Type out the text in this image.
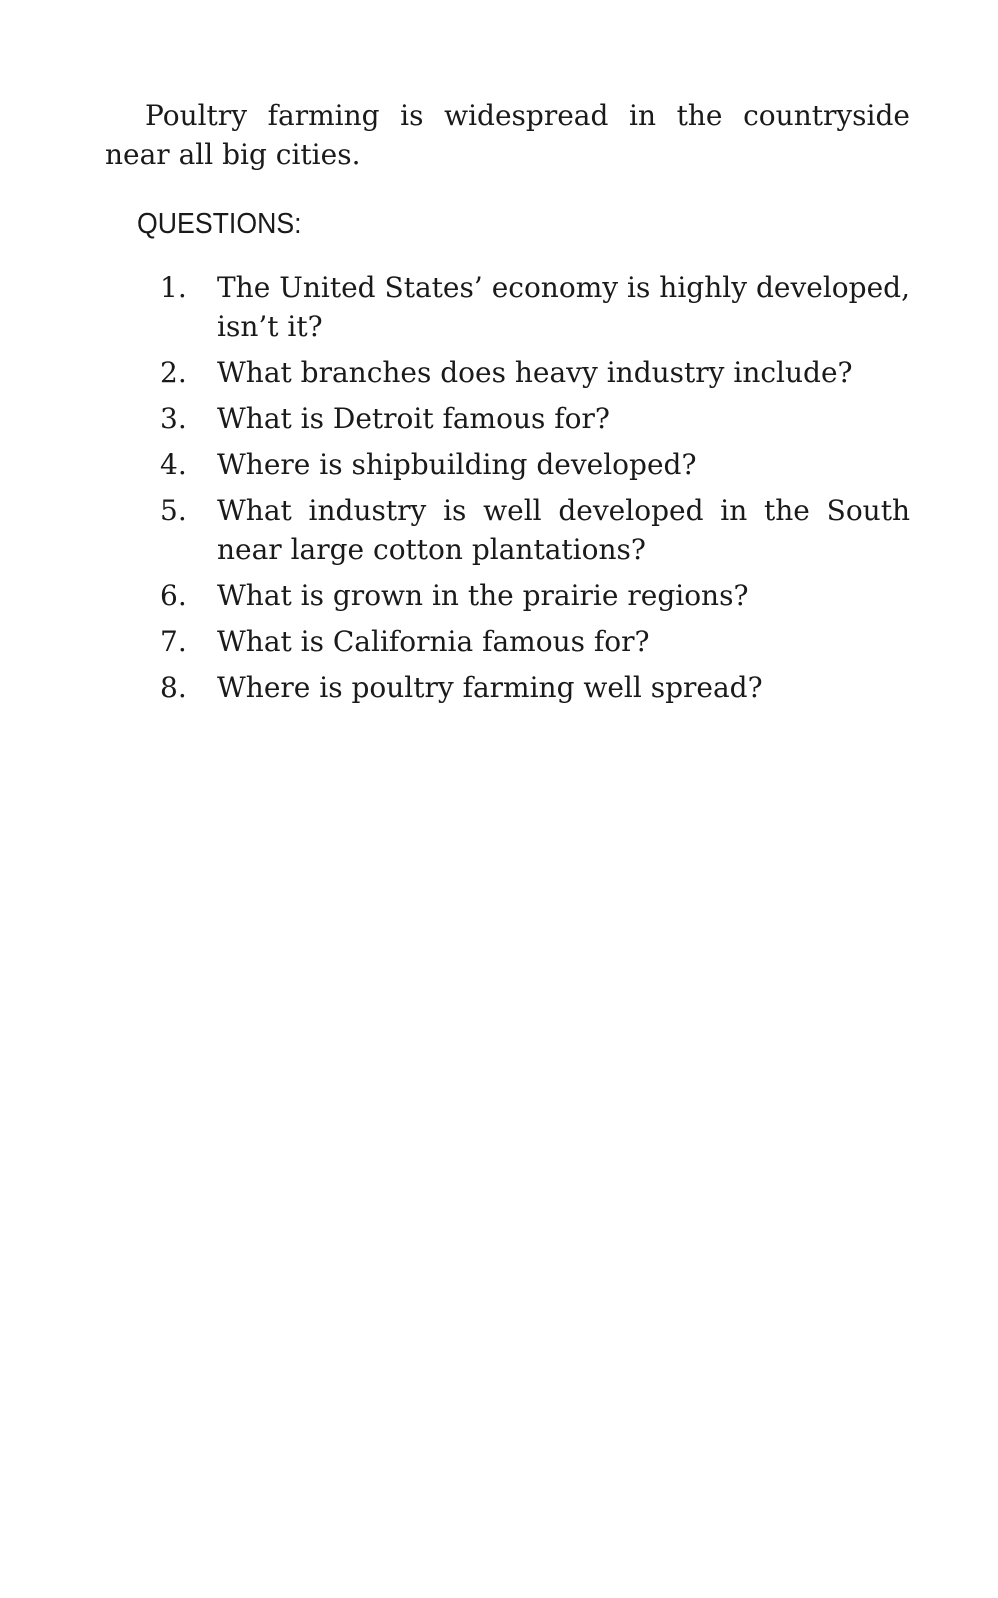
Poultry farming is widespread in the countryside near all big cities.

QUESTIONS:
1.	The United States’ economy is highly developed, isn’t it?
2.	What branches does heavy industry include?
3.	What is Detroit famous for?
4.	Where is shipbuilding developed?
5.	What industry is well developed in the South near large cotton plantations?
6.	What is grown in the prairie regions?
7.	What is California famous for?
8.	Where is poultry farming well spread?
